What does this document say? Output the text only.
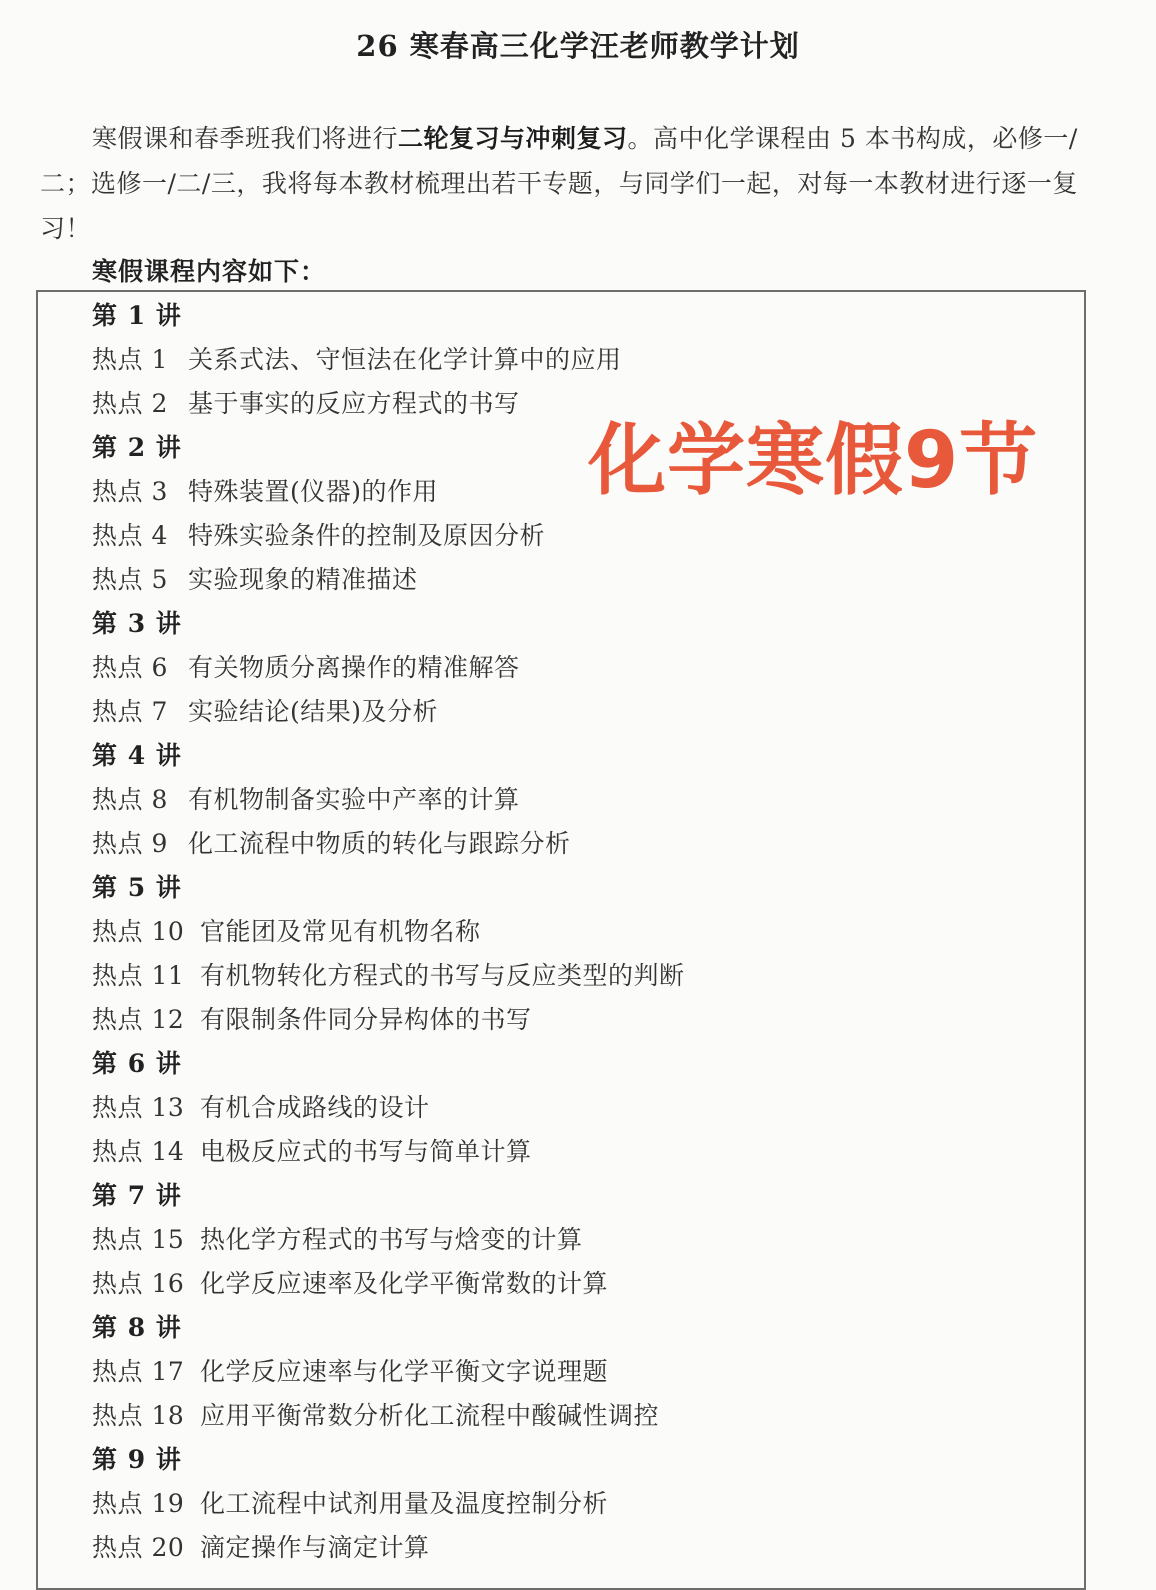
26 寒春高三化学汪老师教学计划
寒假课和春季班我们将进行二轮复习与冲刺复习。高中化学课程由 5 本书构成，必修一/二；选修一/二/三，我将每本教材梳理出若干专题，与同学们一起，对每一本教材进行逐一复习！
寒假课程内容如下：
第 1 讲
热点 1 关系式法、守恒法在化学计算中的应用
热点 2 基于事实的反应方程式的书写
第 2 讲
热点 3 特殊装置(仪器)的作用
热点 4 特殊实验条件的控制及原因分析
热点 5 实验现象的精准描述
第 3 讲
热点 6 有关物质分离操作的精准解答
热点 7 实验结论(结果)及分析
第 4 讲
热点 8 有机物制备实验中产率的计算
热点 9 化工流程中物质的转化与跟踪分析
第 5 讲
热点 10 官能团及常见有机物名称
热点 11 有机物转化方程式的书写与反应类型的判断
热点 12 有限制条件同分异构体的书写
第 6 讲
热点 13 有机合成路线的设计
热点 14 电极反应式的书写与简单计算
第 7 讲
热点 15 热化学方程式的书写与焓变的计算
热点 16 化学反应速率及化学平衡常数的计算
第 8 讲
热点 17 化学反应速率与化学平衡文字说理题
热点 18 应用平衡常数分析化工流程中酸碱性调控
第 9 讲
热点 19 化工流程中试剂用量及温度控制分析
热点 20 滴定操作与滴定计算
化学寒假9节
